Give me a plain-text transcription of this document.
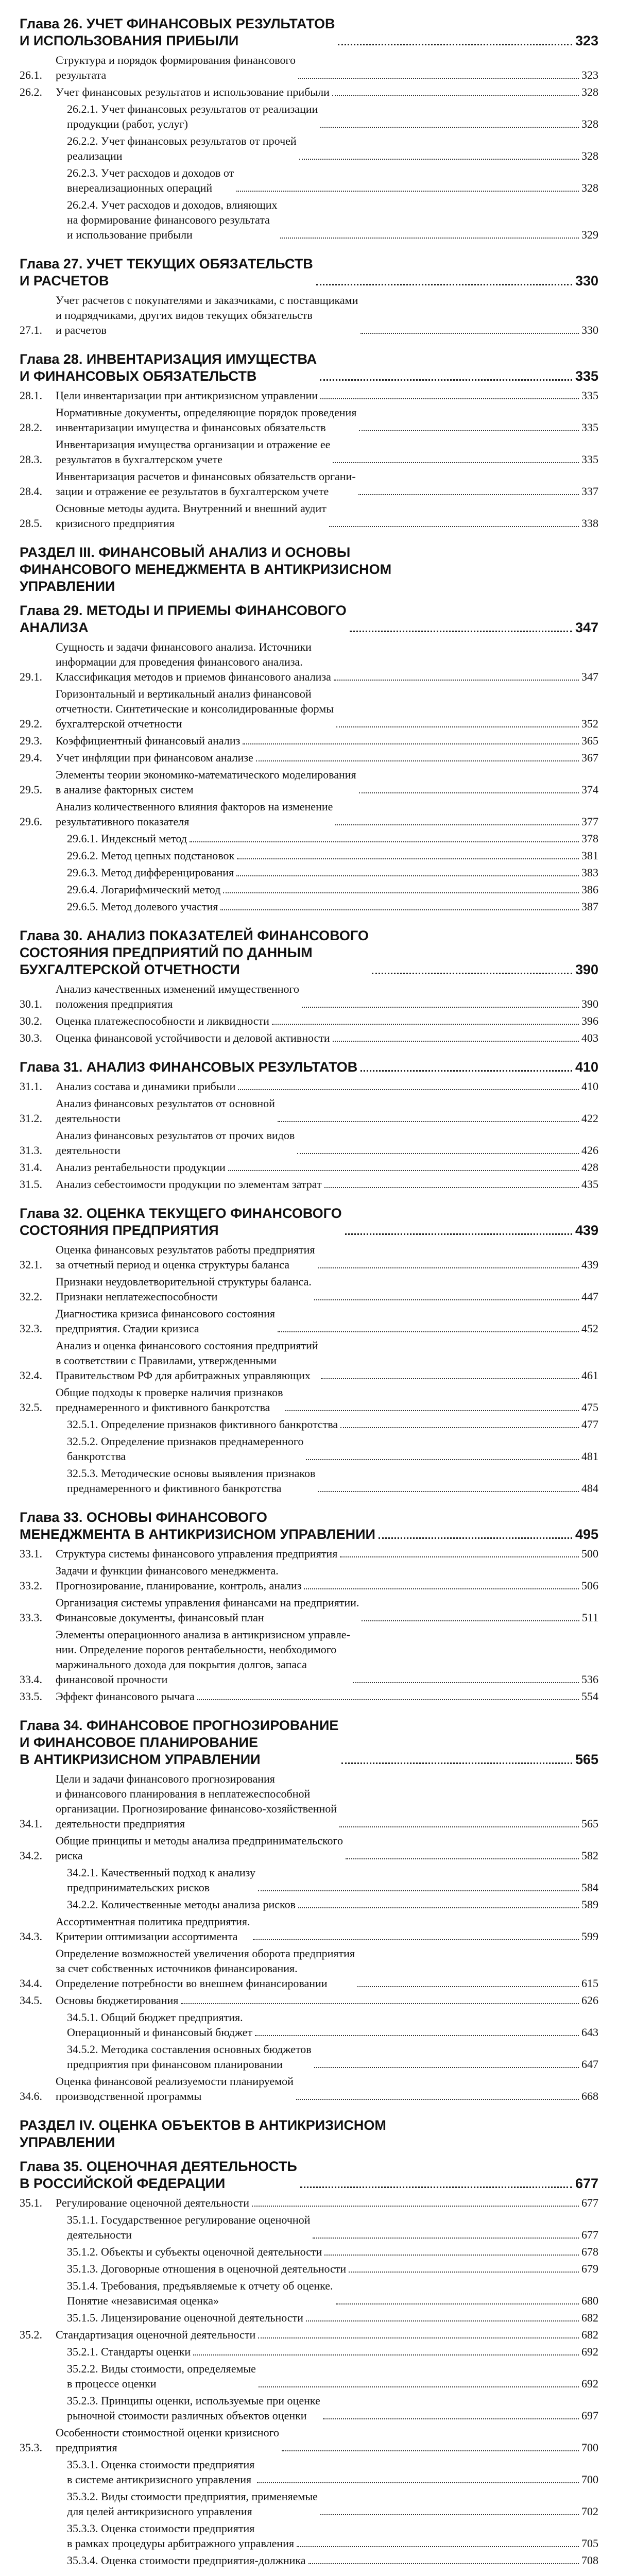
Глава 26. УЧЕТ ФИНАНСОВЫХ РЕЗУЛЬТАТОВ
И ИСПОЛЬЗОВАНИЯ ПРИБЫЛИ	323
26.1.
Структура и порядок формирования финансового
результата	323
26.2.	Учет финансовых результатов и использование прибыли	328
26.2.1. Учет финансовых результатов от реализации
продукции (работ, услуг)	328
26.2.2. Учет финансовых результатов от прочей
реализации	328
26.2.3. Учет расходов и доходов от
внереализационных операций	328
26.2.4. Учет расходов и доходов, влияющих
на формирование финансового результата
и использование прибыли	329
Глава 27. УЧЕТ ТЕКУЩИХ ОБЯЗАТЕЛЬСТВ
И РАСЧЕТОВ	330
27.1.
Учет расчетов с покупателями и заказчиками, с поставщиками
и подрядчиками, других видов текущих обязательств
и расчетов	330
Глава 28. ИНВЕНТАРИЗАЦИЯ ИМУЩЕСТВА
И ФИНАНСОВЫХ ОБЯЗАТЕЛЬСТВ	335
28.1.	Цели инвентаризации при антикризисном управлении	335
28.2.
Нормативные документы, определяющие порядок проведения
инвентаризации имущества и финансовых обязательств	335
28.3.
Инвентаризация имущества организации и отражение ее
результатов в бухгалтерском учете	335
28.4.
Инвентаризация расчетов и финансовых обязательств органи-
зации и отражение ее результатов в бухгалтерском учете	337
28.5.
Основные методы аудита. Внутренний и внешний аудит
кризисного предприятия	338
РАЗДЕЛ III. ФИНАНСОВЫЙ АНАЛИЗ И ОСНОВЫ
ФИНАНСОВОГО МЕНЕДЖМЕНТА В АНТИКРИЗИСНОМ
УПРАВЛЕНИИ
Глава 29. МЕТОДЫ И ПРИЕМЫ ФИНАНСОВОГО
АНАЛИЗА	347
29.1.
Сущность и задачи финансового анализа. Источники
информации для проведения финансового анализа.
Классификация методов и приемов финансового анализа	347
29.2.
Горизонтальный и вертикальный анализ финансовой
отчетности. Синтетические и консолидированные формы
бухгалтерской отчетности	352
29.3.	Коэффициентный финансовый анализ	365
29.4.	Учет инфляции при финансовом анализе	367
29.5.
Элементы теории экономико-математического моделирования
в анализе факторных систем	374
29.6.
Анализ количественного влияния факторов на изменение
результативного показателя	377
29.6.1. Индексный метод	378
29.6.2. Метод цепных подстановок	381
29.6.3. Метод дифференцирования	383
29.6.4. Логарифмический метод	386
29.6.5. Метод долевого участия	387
Глава 30. АНАЛИЗ ПОКАЗАТЕЛЕЙ ФИНАНСОВОГО
СОСТОЯНИЯ ПРЕДПРИЯТИЙ ПО ДАННЫМ
БУХГАЛТЕРСКОЙ ОТЧЕТНОСТИ	390
30.1.
Анализ качественных изменений имущественного
положения предприятия	390
30.2.	Оценка платежеспособности и ликвидности	396
30.3.	Оценка финансовой устойчивости и деловой активности	403
Глава 31. АНАЛИЗ ФИНАНСОВЫХ РЕЗУЛЬТАТОВ	410
31.1.	Анализ состава и динамики прибыли	410
31.2.
Анализ финансовых результатов от основной
деятельности	422
31.3.
Анализ финансовых результатов от прочих видов
деятельности	426
31.4.	Анализ рентабельности продукции	428
31.5.	Анализ себестоимости продукции по элементам затрат	435
Глава 32. ОЦЕНКА ТЕКУЩЕГО ФИНАНСОВОГО
СОСТОЯНИЯ ПРЕДПРИЯТИЯ	439
32.1.
Оценка финансовых результатов работы предприятия
за отчетный период и оценка структуры баланса	439
32.2.
Признаки неудовлетворительной структуры баланса.
Признаки неплатежеспособности	447
32.3.
Диагностика кризиса финансового состояния
предприятия. Стадии кризиса	452
32.4.
Анализ и оценка финансового состояния предприятий
в соответствии с Правилами, утвержденными
Правительством РФ для арбитражных управляющих	461
32.5.
Общие подходы к проверке наличия признаков
преднамеренного и фиктивного банкротства	475
32.5.1. Определение признаков фиктивного банкротства	477
32.5.2. Определение признаков преднамеренного
банкротства	481
32.5.3. Методические основы выявления признаков
преднамеренного и фиктивного банкротства	484
Глава 33. ОСНОВЫ ФИНАНСОВОГО
МЕНЕДЖМЕНТА В АНТИКРИЗИСНОМ УПРАВЛЕНИИ	495
33.1.	Структура системы финансового управления предприятия	500
33.2.
Задачи и функции финансового менеджмента.
Прогнозирование, планирование, контроль, анализ	506
33.3.
Организация системы управления финансами на предприятии.
Финансовые документы, финансовый план	511
33.4.
Элементы операционного анализа в антикризисном управле-
нии. Определение порогов рентабельности, необходимого
маржинального дохода для покрытия долгов, запаса
финансовой прочности	536
33.5.	Эффект финансового рычага	554
Глава 34. ФИНАНСОВОЕ ПРОГНОЗИРОВАНИЕ
И ФИНАНСОВОЕ ПЛАНИРОВАНИЕ
В АНТИКРИЗИСНОМ УПРАВЛЕНИИ	565
34.1.
Цели и задачи финансового прогнозирования
и финансового планирования в неплатежеспособной
организации. Прогнозирование финансово-хозяйственной
деятельности предприятия	565
34.2.
Общие принципы и методы анализа предпринимательского
риска	582
34.2.1. Качественный подход к анализу
предпринимательских рисков	584
34.2.2. Количественные методы анализа рисков	589
34.3.
Ассортиментная политика предприятия.
Критерии оптимизации ассортимента	599
34.4.
Определение возможностей увеличения оборота предприятия
за счет собственных источников финансирования.
Определение потребности во внешнем финансировании	615
34.5.	Основы бюджетирования	626
34.5.1. Общий бюджет предприятия.
Операционный и финансовый бюджет	643
34.5.2. Методика составления основных бюджетов
предприятия при финансовом планировании	647
34.6.
Оценка финансовой реализуемости планируемой
производственной программы	668
РАЗДЕЛ IV. ОЦЕНКА ОБЪЕКТОВ В АНТИКРИЗИСНОМ
УПРАВЛЕНИИ
Глава 35. ОЦЕНОЧНАЯ ДЕЯТЕЛЬНОСТЬ
В РОССИЙСКОЙ ФЕДЕРАЦИИ	677
35.1.	Регулирование оценочной деятельности	677
35.1.1. Государственное регулирование оценочной
деятельности	677
35.1.2. Объекты и субъекты оценочной деятельности	678
35.1.3. Договорные отношения в оценочной деятельности	679
35.1.4. Требования, предъявляемые к отчету об оценке.
Понятие «независимая оценка»	680
35.1.5. Лицензирование оценочной деятельности	682
35.2.	Стандартизация оценочной деятельности	682
35.2.1. Стандарты оценки	692
35.2.2. Виды стоимости, определяемые
в процессе оценки	692
35.2.3. Принципы оценки, используемые при оценке
рыночной стоимости различных объектов оценки	697
35.3.
Особенности стоимостной оценки кризисного
предприятия	700
35.3.1. Оценка стоимости предприятия
в системе антикризисного управления	700
35.3.2. Виды стоимости предприятия, применяемые
для целей антикризисного управления	702
35.3.3. Оценка стоимости предприятия
в рамках процедуры арбитражного управления	705
35.3.4. Оценка стоимости предприятия-должника	708
